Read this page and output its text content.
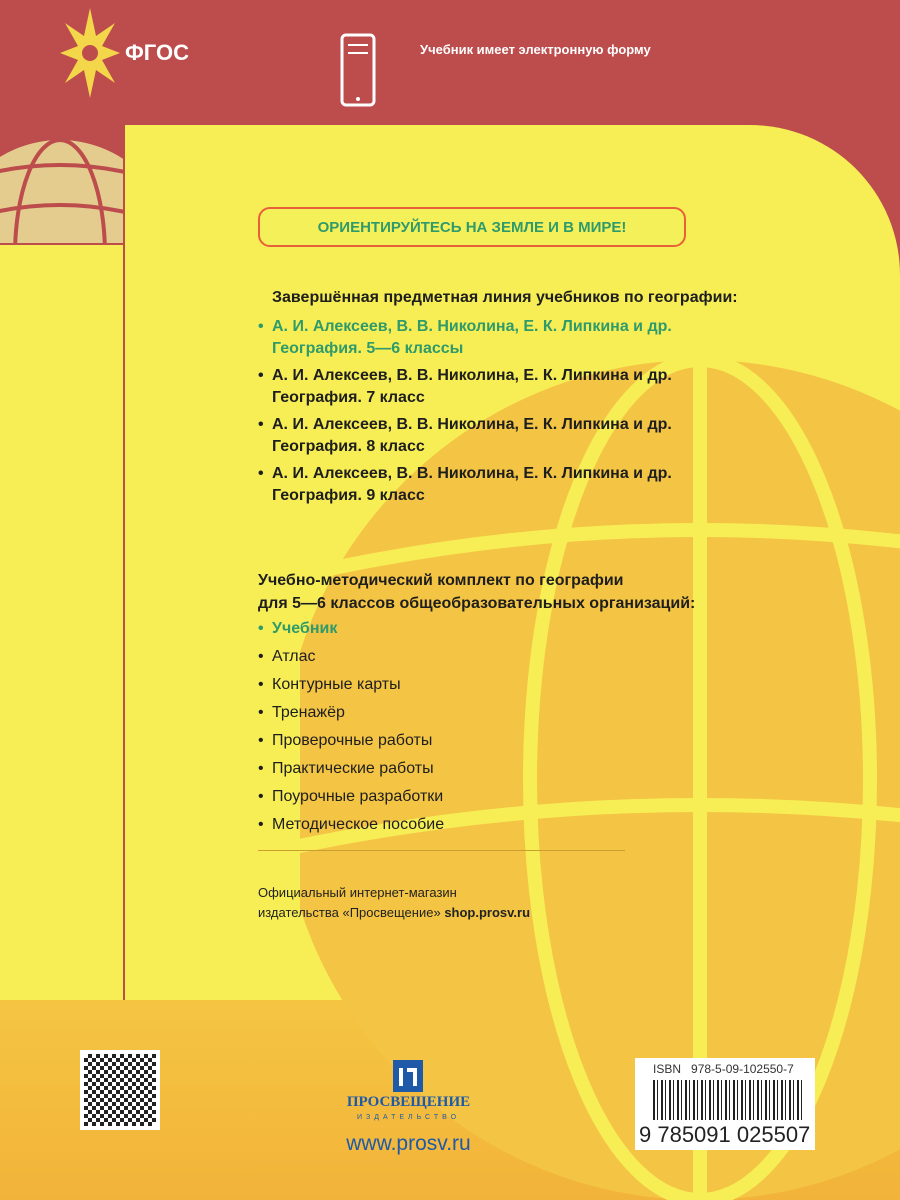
ФГОС	Учебник имеет электронную форму
ОРИЕНТИРУЙТЕСЬ НА ЗЕМЛЕ И В МИРЕ!
Завершённая предметная линия учебников по географии:
• А. И. Алексеев, В. В. Николина, Е. К. Липкина и др.
География. 5—6 классы
• А. И. Алексеев, В. В. Николина, Е. К. Липкина и др.
География. 7 класс
• А. И. Алексеев, В. В. Николина, Е. К. Липкина и др.
География. 8 класс
• А. И. Алексеев, В. В. Николина, Е. К. Липкина и др.
География. 9 класс
Учебно-методический комплект по географии
для 5—6 классов общеобразовательных организаций:
• Учебник
• Атлас
• Контурные карты
• Тренажёр
• Проверочные работы
• Практические работы
• Поурочные разработки
• Методическое пособие
Официальный интернет-магазин
издательства «Просвещение» shop.prosv.ru
ПРОСВЕЩЕНИЕ
ИЗДАТЕЛЬСТВО
www.prosv.ru
ISBN 978-5-09-102550-7
9 785091 025507
